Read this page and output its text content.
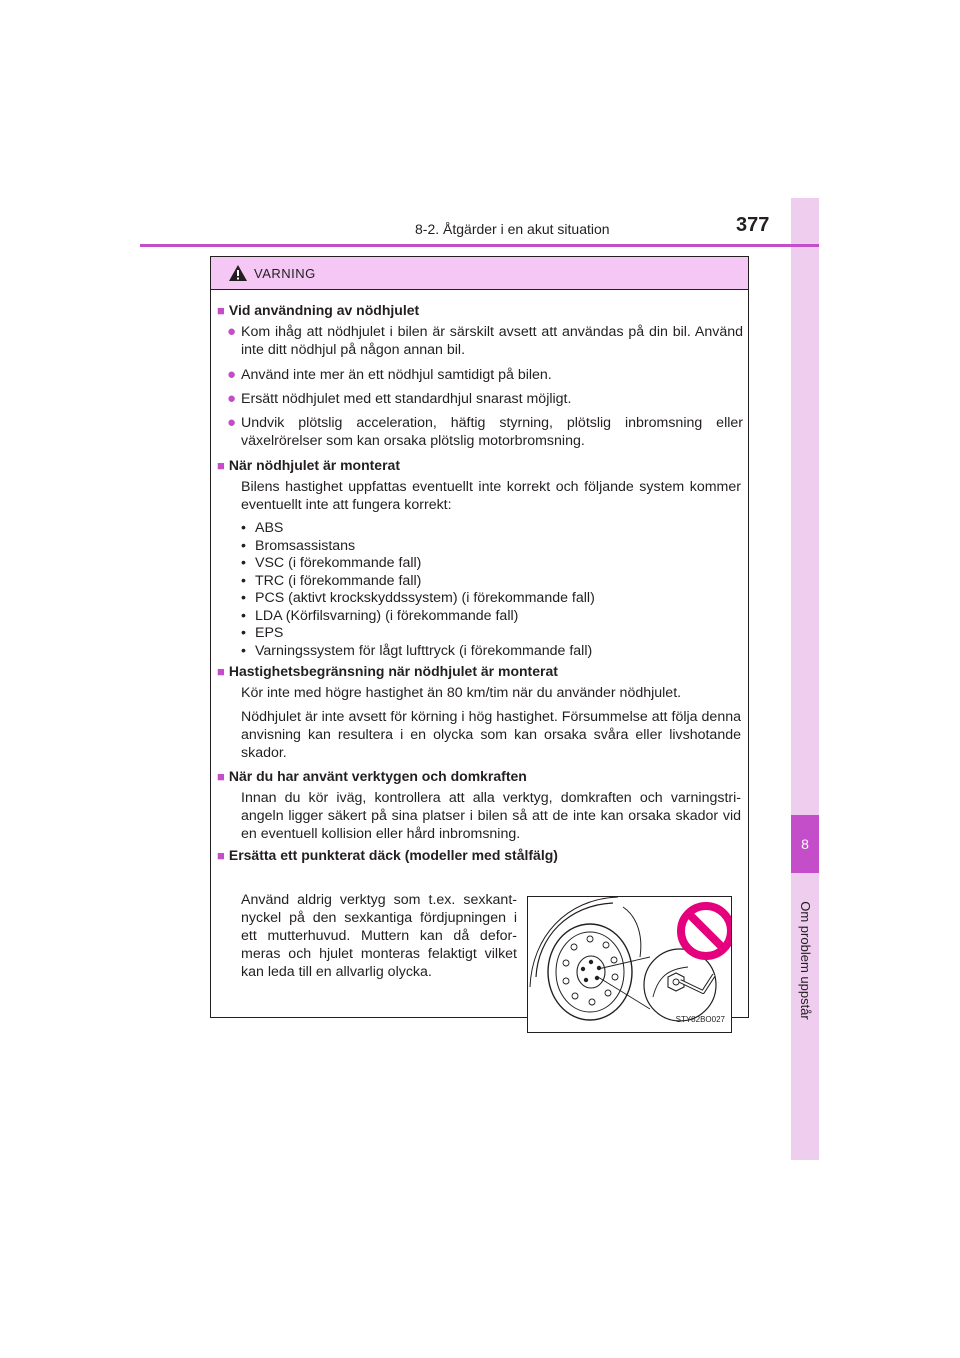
8
Om problem uppstår
8-2. Åtgärder i en akut situation	377
VARNING
■ Vid användning av nödhjulet
● Kom ihåg att nödhjulet i bilen är särskilt avsett att användas på din bil. Använd inte ditt nödhjul på någon annan bil.
● Använd inte mer än ett nödhjul samtidigt på bilen.
● Ersätt nödhjulet med ett standardhjul snarast möjligt.
● Undvik plötslig acceleration, häftig styrning, plötslig inbromsning eller växelrörelser som kan orsaka plötslig motorbromsning.
■ När nödhjulet är monterat
Bilens hastighet uppfattas eventuellt inte korrekt och följande system kommer eventuellt inte att fungera korrekt:
• ABS
• Bromsassistans
• VSC (i förekommande fall)
• TRC (i förekommande fall)
• PCS (aktivt krockskyddssystem) (i förekommande fall)
• LDA (Körfilsvarning) (i förekommande fall)
• EPS
• Varningssystem för lågt lufttryck (i förekommande fall)
■ Hastighetsbegränsning när nödhjulet är monterat
Kör inte med högre hastighet än 80 km/tim när du använder nödhjulet.
Nödhjulet är inte avsett för körning i hög hastighet. Försummelse att följa denna anvisning kan resultera i en olycka som kan orsaka svåra eller livshotande skador.
■ När du har använt verktygen och domkraften
Innan du kör iväg, kontrollera att alla verktyg, domkraften och varningstri-angeln ligger säkert på sina platser i bilen så att de inte kan orsaka skador vid en eventuell kollision eller hård inbromsning.
■ Ersätta ett punkterat däck (modeller med stålfälg)
Använd aldrig verktyg som t.ex. sexkant-nyckel på den sexkantiga fördjupningen i ett mutterhuvud. Muttern kan då defor-meras och hjulet monteras felaktigt vilket kan leda till en allvarlig olycka.
STY82BO027
